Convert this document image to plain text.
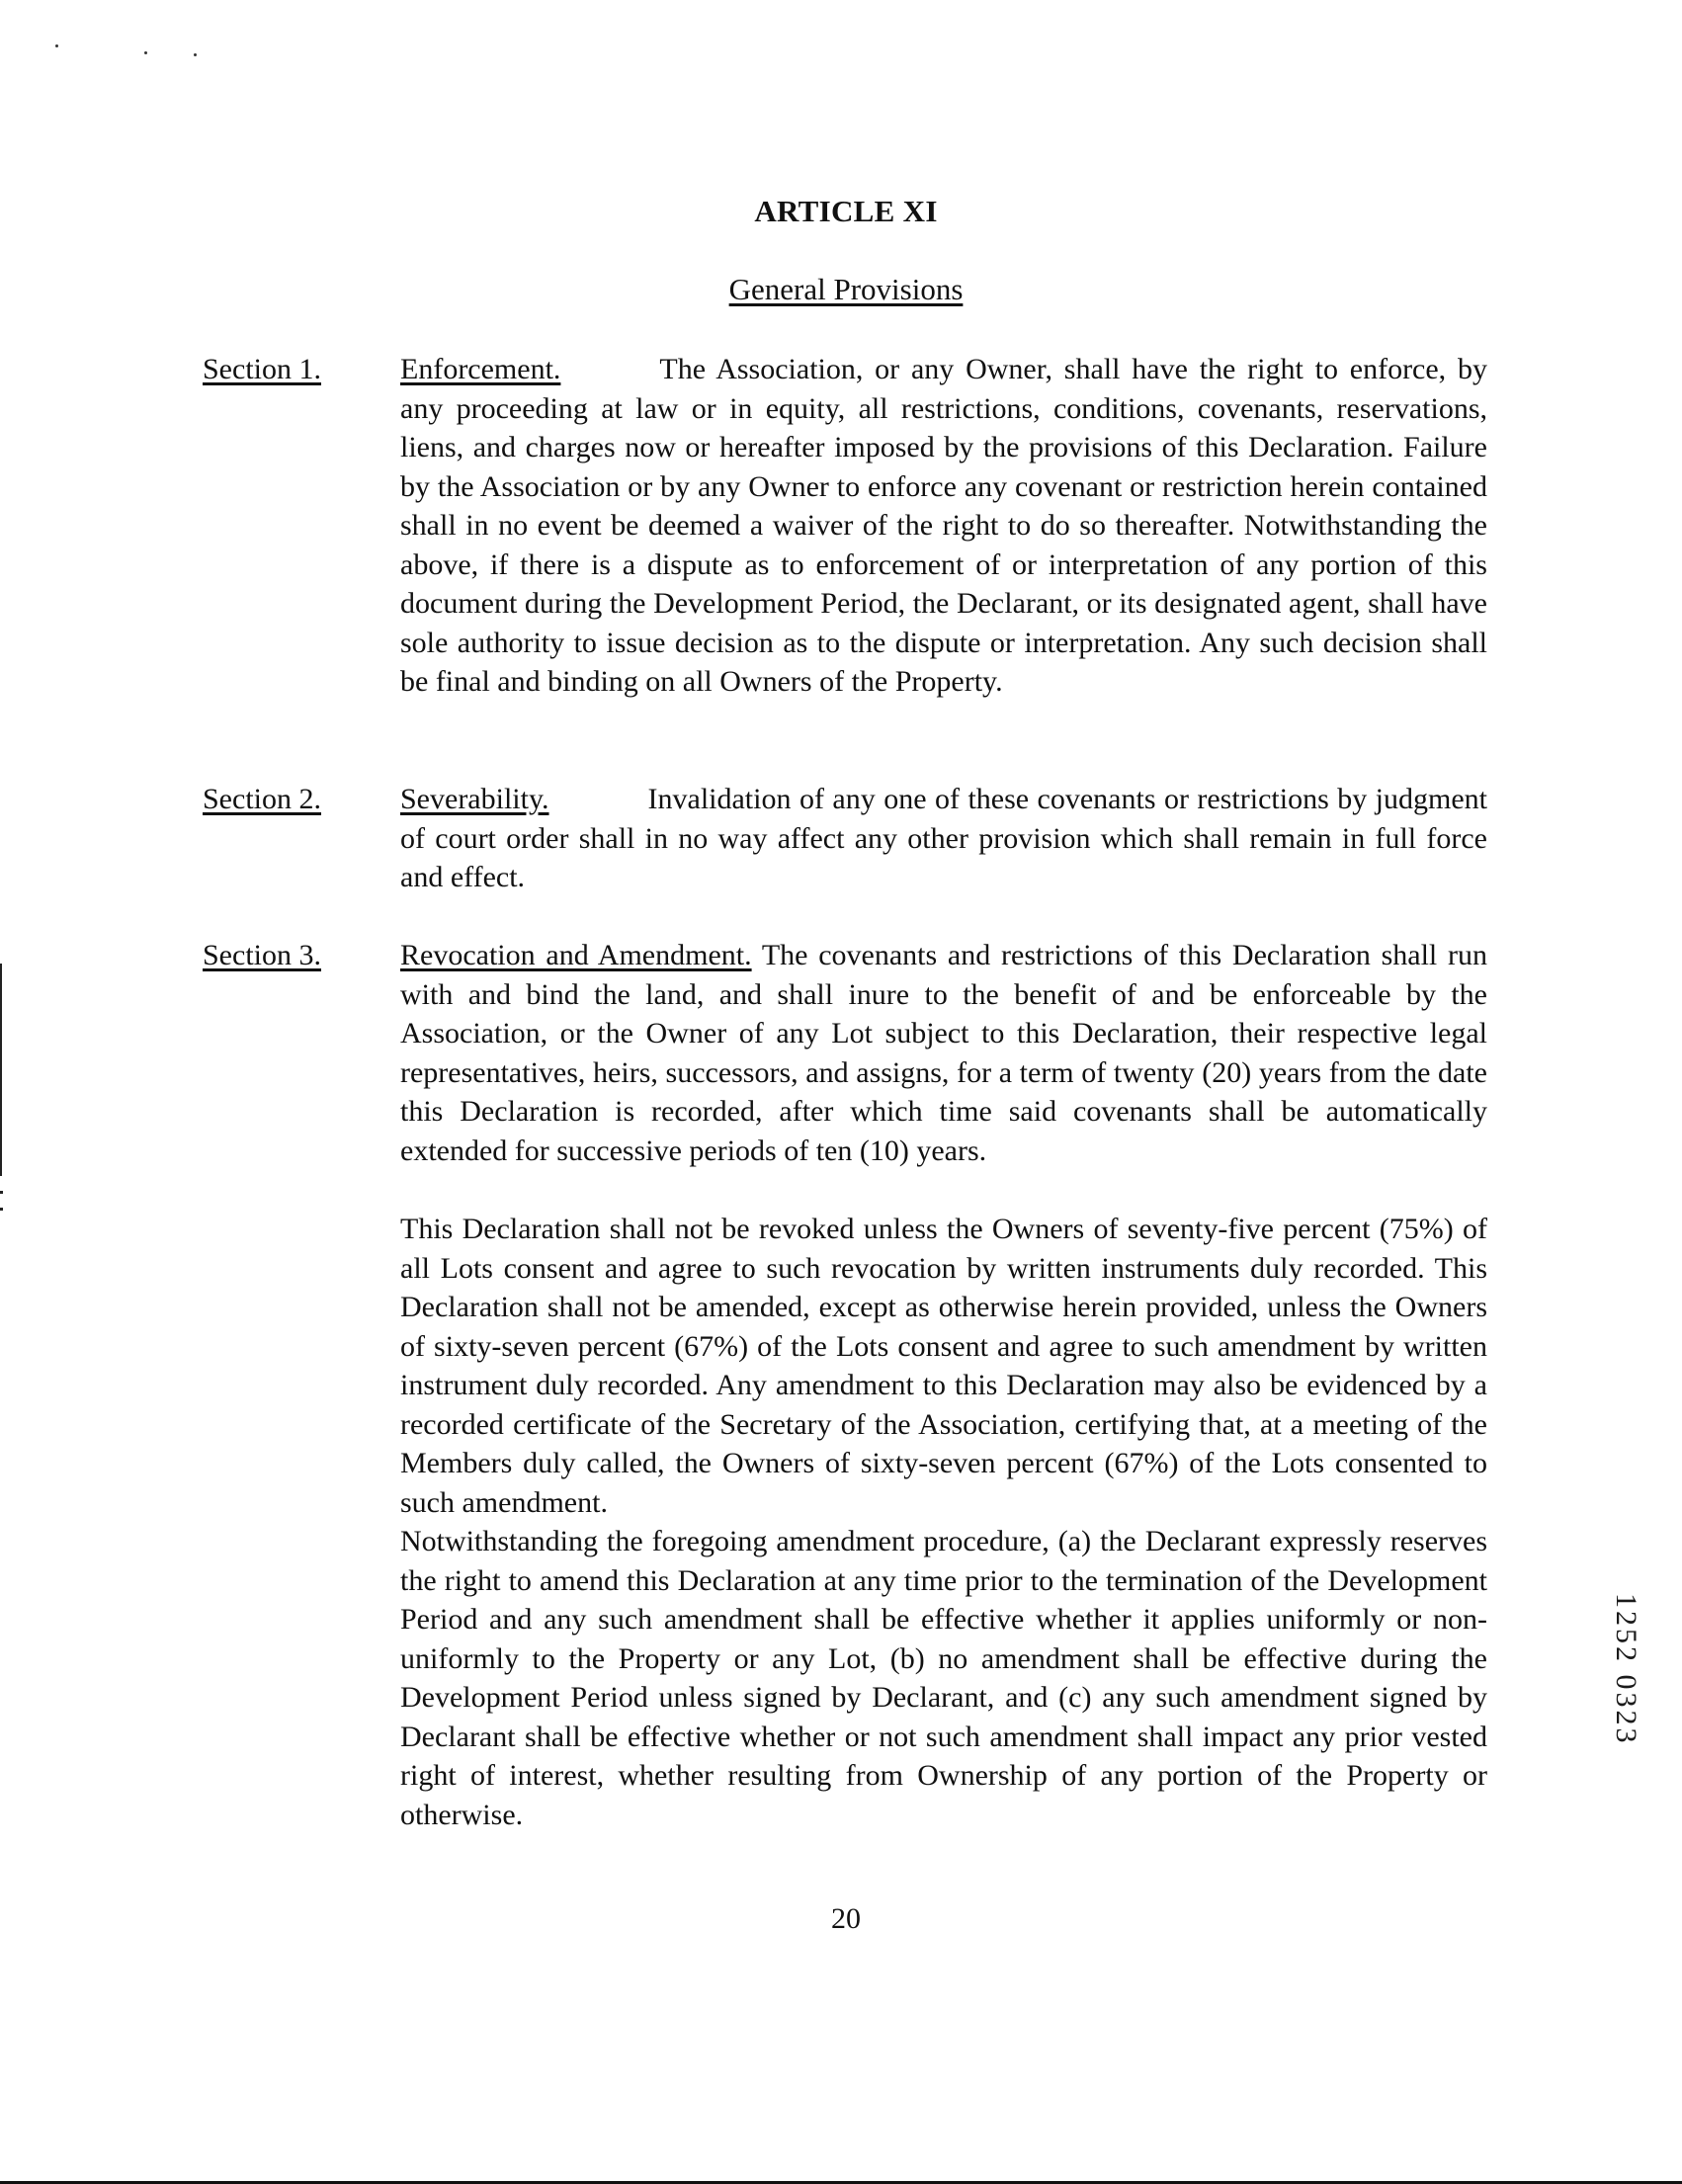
ARTICLE XI
General Provisions
Section 1.	Enforcement.	The Association, or any Owner, shall have the right to enforce, by any proceeding at law or in equity, all restrictions, conditions, covenants, reservations, liens, and charges now or hereafter imposed by the provisions of this Declaration. Failure by the Association or by any Owner to enforce any covenant or restriction herein contained shall in no event be deemed a waiver of the right to do so thereafter. Notwithstanding the above, if there is a dispute as to enforcement of or interpretation of any portion of this document during the Development Period, the Declarant, or its designated agent, shall have sole authority to issue decision as to the dispute or interpretation. Any such decision shall be final and binding on all Owners of the Property.
Section 2.	Severability.	Invalidation of any one of these covenants or restrictions by judgment of court order shall in no way affect any other provision which shall remain in full force and effect.
Section 3.	Revocation and Amendment. The covenants and restrictions of this Declaration shall run with and bind the land, and shall inure to the benefit of and be enforceable by the Association, or the Owner of any Lot subject to this Declaration, their respective legal representatives, heirs, successors, and assigns, for a term of twenty (20) years from the date this Declaration is recorded, after which time said covenants shall be automatically extended for successive periods of ten (10) years.

This Declaration shall not be revoked unless the Owners of seventy-five percent (75%) of all Lots consent and agree to such revocation by written instruments duly recorded. This Declaration shall not be amended, except as otherwise herein provided, unless the Owners of sixty-seven percent (67%) of the Lots consent and agree to such amendment by written instrument duly recorded. Any amendment to this Declaration may also be evidenced by a recorded certificate of the Secretary of the Association, certifying that, at a meeting of the Members duly called, the Owners of sixty-seven percent (67%) of the Lots consented to such amendment.

Notwithstanding the foregoing amendment procedure, (a) the Declarant expressly reserves the right to amend this Declaration at any time prior to the termination of the Development Period and any such amendment shall be effective whether it applies uniformly or non-uniformly to the Property or any Lot, (b) no amendment shall be effective during the Development Period unless signed by Declarant, and (c) any such amendment signed by Declarant shall be effective whether or not such amendment shall impact any prior vested right of interest, whether resulting from Ownership of any portion of the Property or otherwise.

20
1252 0323
